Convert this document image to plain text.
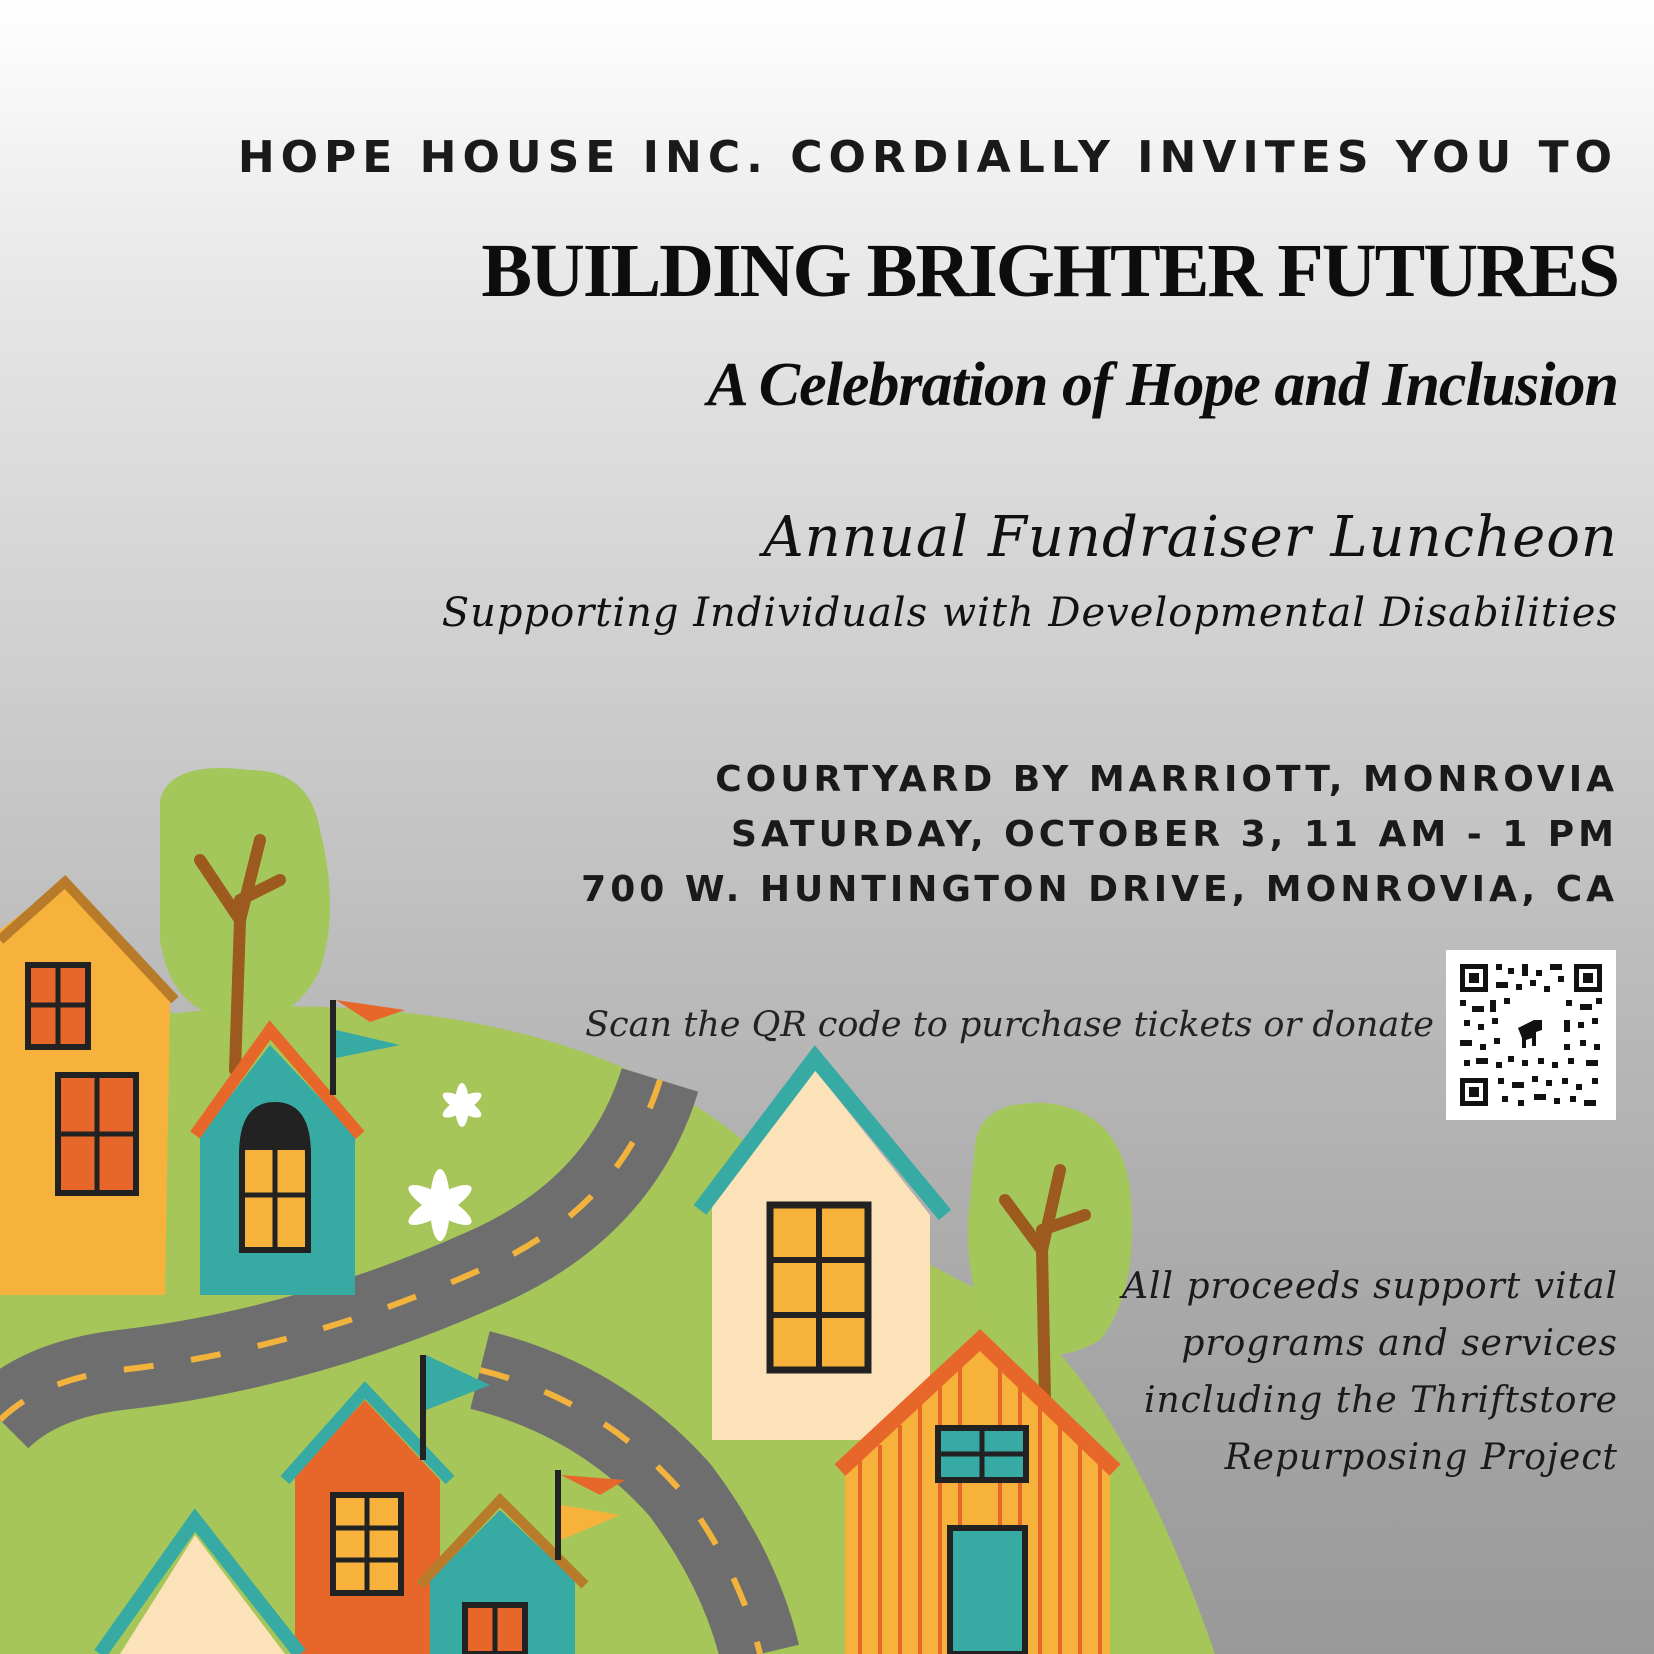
HOPE HOUSE INC. CORDIALLY INVITES YOU TO
BUILDING BRIGHTER FUTURES
A Celebration of Hope and Inclusion
Annual Fundraiser Luncheon
Supporting Individuals with Developmental Disabilities
COURTYARD BY MARRIOTT, MONROVIA
SATURDAY, OCTOBER 3, 11 AM - 1 PM
700 W. HUNTINGTON DRIVE, MONROVIA, CA
Scan the QR code to purchase tickets or donate
All proceeds support vital
programs and services
including the Thriftstore
Repurposing Project
